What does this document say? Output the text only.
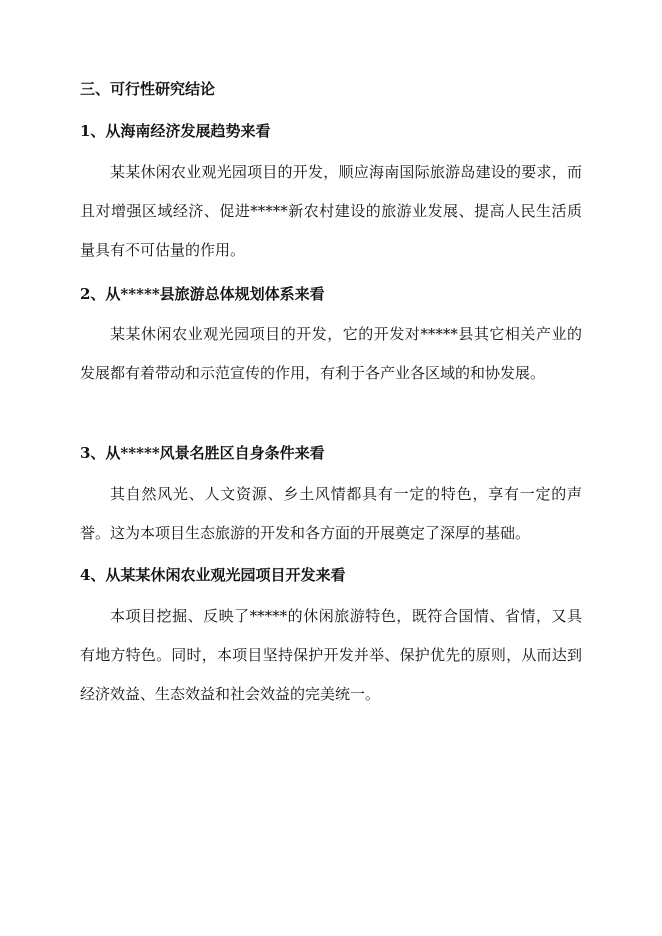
三、可行性研究结论
1、从海南经济发展趋势来看
某某休闲农业观光园项目的开发，顺应海南国际旅游岛建设的要求，而且对增强区域经济、促进*****新农村建设的旅游业发展、提高人民生活质量具有不可估量的作用。
2、从*****县旅游总体规划体系来看
某某休闲农业观光园项目的开发，它的开发对*****县其它相关产业的发展都有着带动和示范宣传的作用，有利于各产业各区域的和协发展。
3、从*****风景名胜区自身条件来看
其自然风光、人文资源、乡土风情都具有一定的特色，享有一定的声誉。这为本项目生态旅游的开发和各方面的开展奠定了深厚的基础。
4、从某某休闲农业观光园项目开发来看
本项目挖掘、反映了*****的休闲旅游特色，既符合国情、省情，又具有地方特色。同时，本项目坚持保护开发并举、保护优先的原则，从而达到经济效益、生态效益和社会效益的完美统一。
